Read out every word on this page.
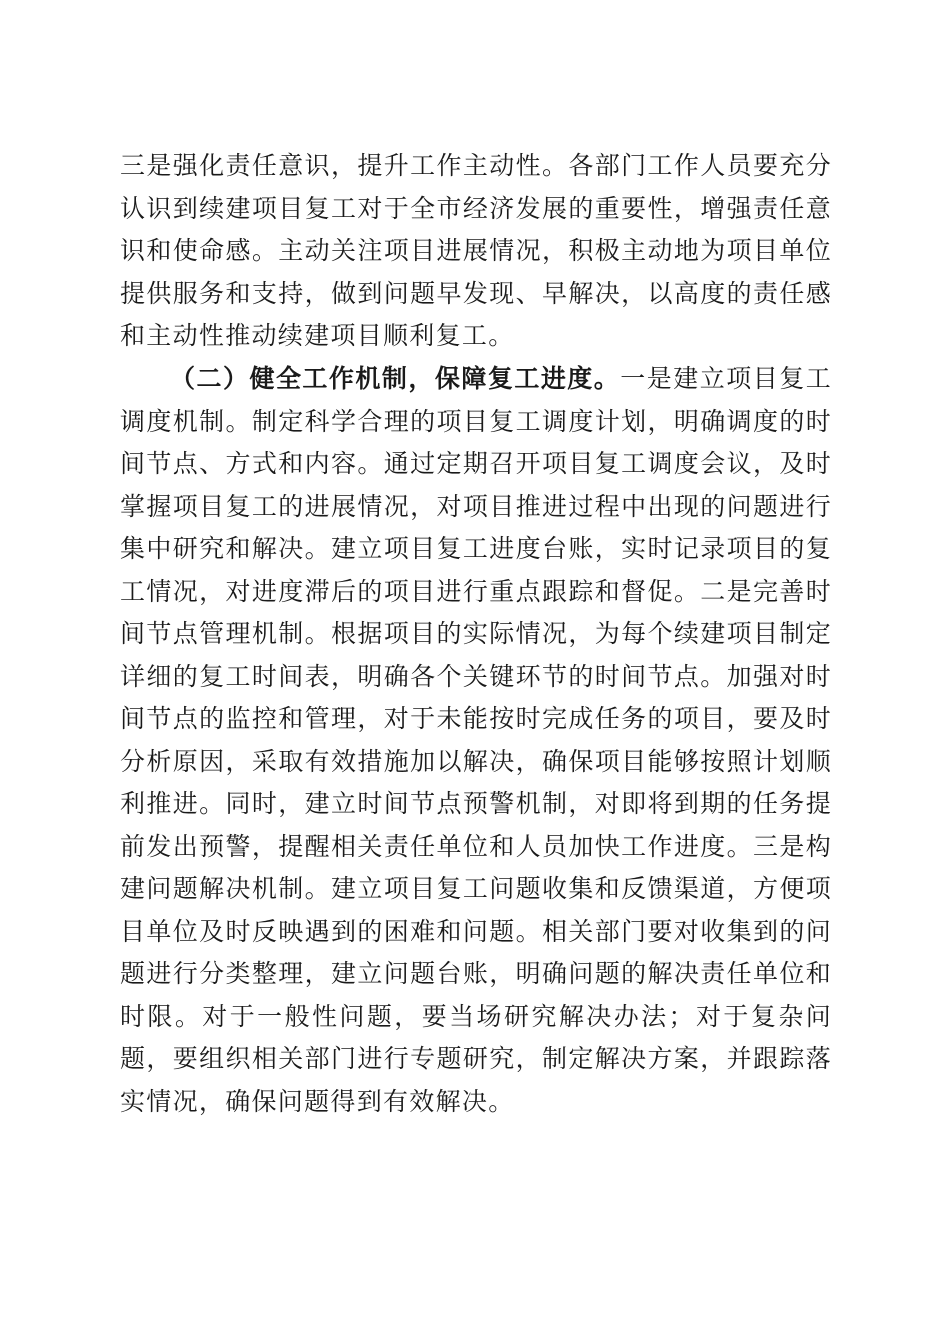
三是强化责任意识，提升工作主动性。各部门工作人员要充分认识到续建项目复工对于全市经济发展的重要性，增强责任意识和使命感。主动关注项目进展情况，积极主动地为项目单位提供服务和支持，做到问题早发现、早解决，以高度的责任感和主动性推动续建项目顺利复工。

（二）健全工作机制，保障复工进度。一是建立项目复工调度机制。制定科学合理的项目复工调度计划，明确调度的时间节点、方式和内容。通过定期召开项目复工调度会议，及时掌握项目复工的进展情况，对项目推进过程中出现的问题进行集中研究和解决。建立项目复工进度台账，实时记录项目的复工情况，对进度滞后的项目进行重点跟踪和督促。二是完善时间节点管理机制。根据项目的实际情况，为每个续建项目制定详细的复工时间表，明确各个关键环节的时间节点。加强对时间节点的监控和管理，对于未能按时完成任务的项目，要及时分析原因，采取有效措施加以解决，确保项目能够按照计划顺利推进。同时，建立时间节点预警机制，对即将到期的任务提前发出预警，提醒相关责任单位和人员加快工作进度。三是构建问题解决机制。建立项目复工问题收集和反馈渠道，方便项目单位及时反映遇到的困难和问题。相关部门要对收集到的问题进行分类整理，建立问题台账，明确问题的解决责任单位和时限。对于一般性问题，要当场研究解决办法；对于复杂问题，要组织相关部门进行专题研究，制定解决方案，并跟踪落实情况，确保问题得到有效解决。
